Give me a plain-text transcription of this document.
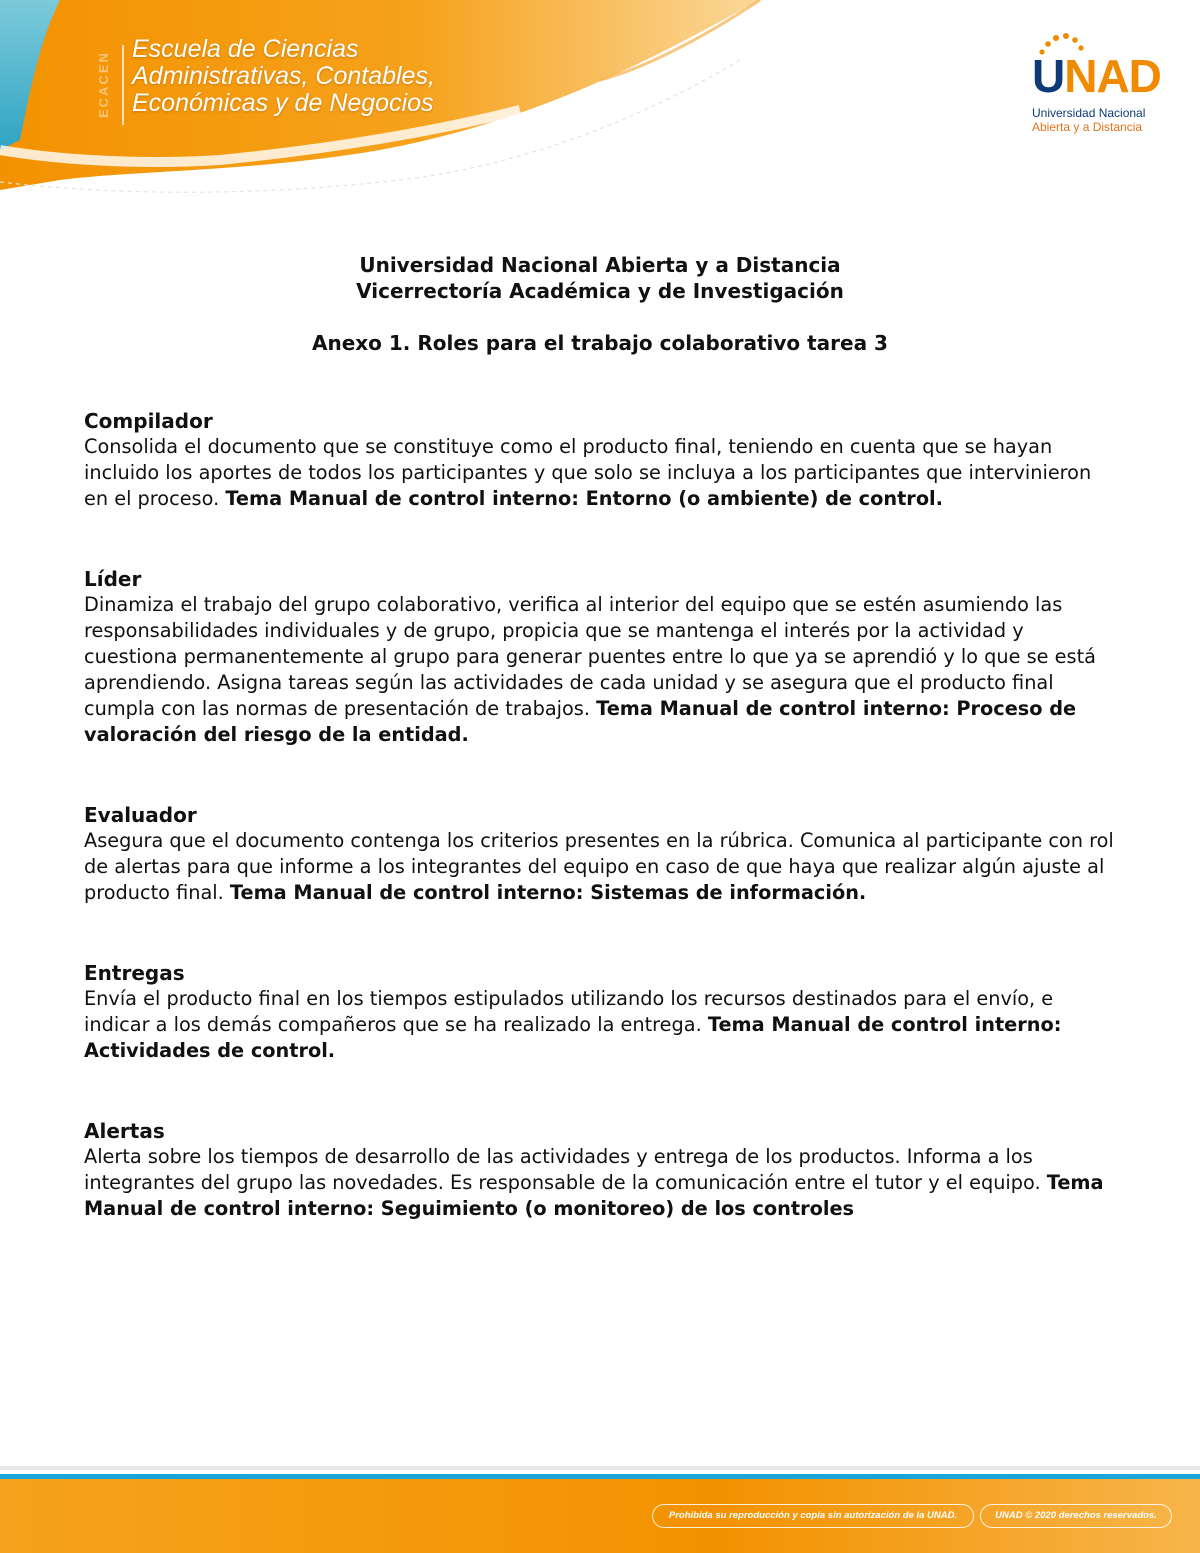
ECACEN
Escuela de Ciencias
Administrativas, Contables,
Económicas y de Negocios
UNAD
Universidad Nacional
Abierta y a Distancia
Universidad Nacional Abierta y a Distancia
Vicerrectoría Académica y de Investigación
Anexo 1. Roles para el trabajo colaborativo tarea 3
Compilador
Consolida el documento que se constituye como el producto final, teniendo en cuenta que se hayan incluido los aportes de todos los participantes y que solo se incluya a los participantes que intervinieron en el proceso. Tema Manual de control interno: Entorno (o ambiente) de control.
Líder
Dinamiza el trabajo del grupo colaborativo, verifica al interior del equipo que se estén asumiendo las responsabilidades individuales y de grupo, propicia que se mantenga el interés por la actividad y cuestiona permanentemente al grupo para generar puentes entre lo que ya se aprendió y lo que se está aprendiendo. Asigna tareas según las actividades de cada unidad y se asegura que el producto final cumpla con las normas de presentación de trabajos. Tema Manual de control interno: Proceso de valoración del riesgo de la entidad.
Evaluador
Asegura que el documento contenga los criterios presentes en la rúbrica. Comunica al participante con rol de alertas para que informe a los integrantes del equipo en caso de que haya que realizar algún ajuste al producto final. Tema Manual de control interno: Sistemas de información.
Entregas
Envía el producto final en los tiempos estipulados utilizando los recursos destinados para el envío, e indicar a los demás compañeros que se ha realizado la entrega. Tema Manual de control interno: Actividades de control.
Alertas
Alerta sobre los tiempos de desarrollo de las actividades y entrega de los productos. Informa a los integrantes del grupo las novedades. Es responsable de la comunicación entre el tutor y el equipo. Tema Manual de control interno: Seguimiento (o monitoreo) de los controles
Prohibida su reproducción y copia sin autorización de la UNAD.	UNAD © 2020 derechos reservados.
